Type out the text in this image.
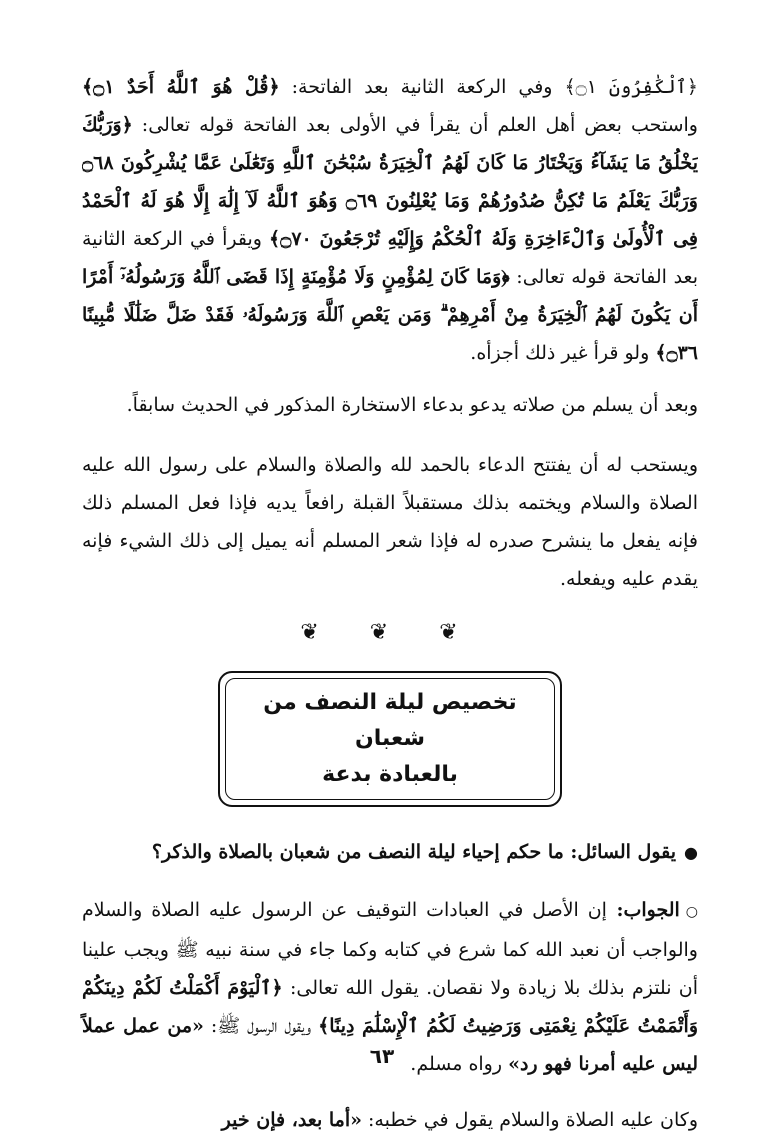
﴿ٱلْكَٰفِرُونَ ۝١﴾ وفي الركعة الثانية بعد الفاتحة: ﴿قُلْ هُوَ ٱللَّهُ أَحَدٌ ۝١﴾ واستحب بعض أهل العلم أن يقرأ في الأولى بعد الفاتحة قوله تعالى: ﴿وَرَبُّكَ يَخْلُقُ مَا يَشَآءُ وَيَخْتَارُ مَا كَانَ لَهُمُ ٱلْخِيَرَةُ سُبْحَٰنَ ٱللَّهِ وَتَعَٰلَىٰ عَمَّا يُشْرِكُونَ ۝٦٨ وَرَبُّكَ يَعْلَمُ مَا تُكِنُّ صُدُورُهُمْ وَمَا يُعْلِنُونَ ۝٦٩ وَهُوَ ٱللَّهُ لَآ إِلَٰهَ إِلَّا هُوَ لَهُ ٱلْحَمْدُ فِى ٱلْأُولَىٰ وَٱلْءَاخِرَةِ وَلَهُ ٱلْحُكْمُ وَإِلَيْهِ تُرْجَعُونَ ۝٧٠﴾ ويقرأ في الركعة الثانية بعد الفاتحة قوله تعالى: ﴿وَمَا كَانَ لِمُؤْمِنٍ وَلَا مُؤْمِنَةٍ إِذَا قَضَى ٱللَّهُ وَرَسُولُهُۥٓ أَمْرًا أَن يَكُونَ لَهُمُ ٱلْخِيَرَةُ مِنْ أَمْرِهِمْ ۗ وَمَن يَعْصِ ٱللَّهَ وَرَسُولَهُۥ فَقَدْ ضَلَّ ضَلَٰلًا مُّبِينًا ۝٣٦﴾ ولو قرأ غير ذلك أجزأه.

وبعد أن يسلم من صلاته يدعو بدعاء الاستخارة المذكور في الحديث سابقاً.

ويستحب له أن يفتتح الدعاء بالحمد لله والصلاة والسلام على رسول الله عليه الصلاة والسلام ويختمه بذلك مستقبلاً القبلة رافعاً يديه فإذا فعل المسلم ذلك فإنه يفعل ما ينشرح صدره له فإذا شعر المسلم أنه يميل إلى ذلك الشيء فإنه يقدم عليه ويفعله.

❦ ❦ ❦
تخصيص ليلة النصف من شعبان
بالعبادة بدعة

●يقول السائل: ما حكم إحياء ليلة النصف من شعبان بالصلاة والذكر؟

○الجواب: إن الأصل في العبادات التوقيف عن الرسول عليه الصلاة والسلام والواجب أن نعبد الله كما شرع في كتابه وكما جاء في سنة نبيه ﷺ ويجب علينا أن نلتزم بذلك بلا زيادة ولا نقصان. يقول الله تعالى: ﴿ٱلْيَوْمَ أَكْمَلْتُ لَكُمْ دِينَكُمْ وَأَتْمَمْتُ عَلَيْكُمْ نِعْمَتِى وَرَضِيتُ لَكُمُ ٱلْإِسْلَٰمَ دِينًا﴾ ويقول الرسول ﷺ: «من عمل عملاً ليس عليه أمرنا فهو رد» رواه مسلم.

وكان عليه الصلاة والسلام يقول في خطبه: «أما بعد، فإن خير

٦٣
